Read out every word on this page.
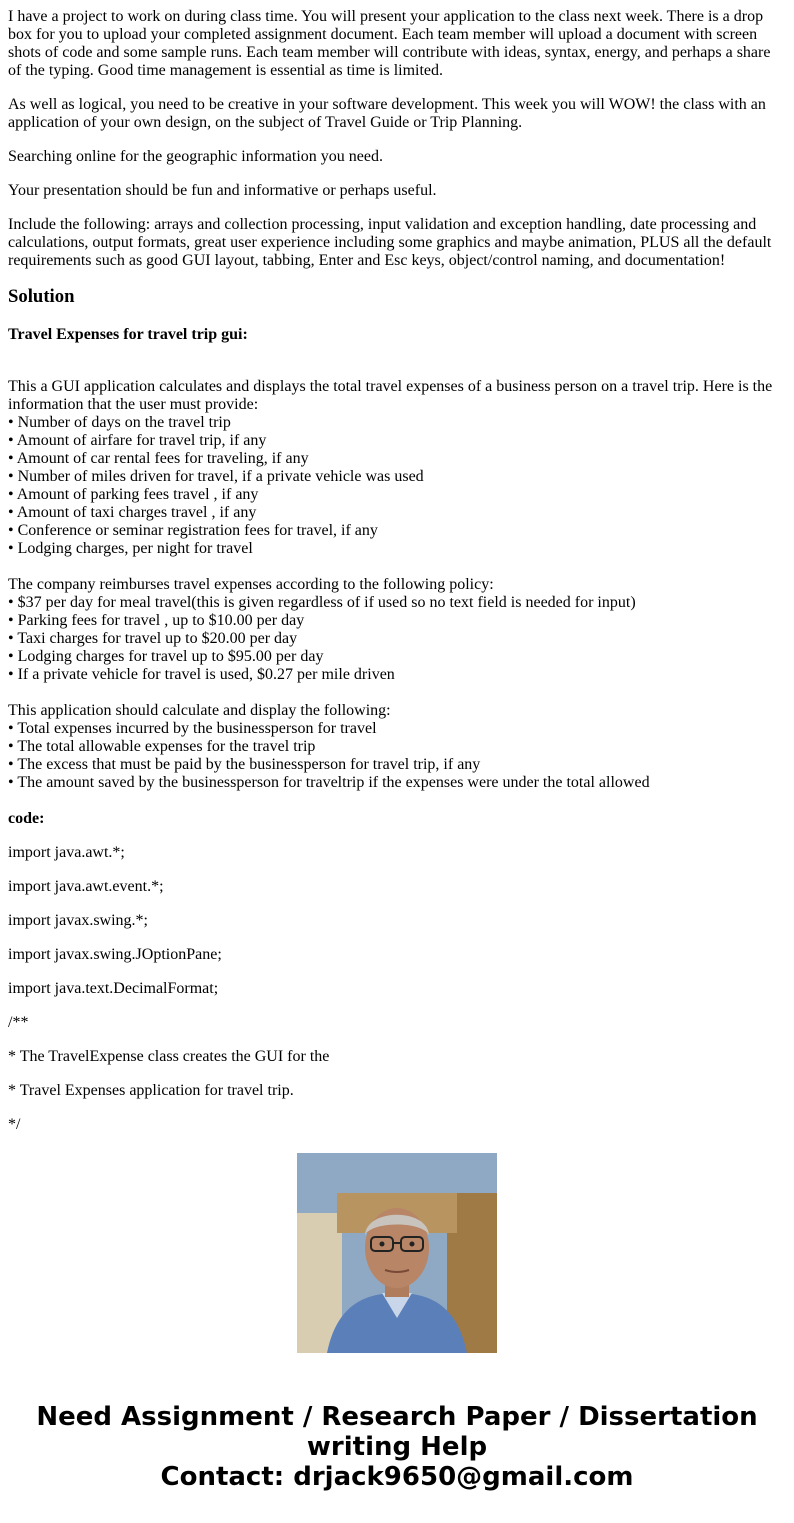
I have a project to work on during class time. You will present your application to the class next week. There is a drop box for you to upload your completed assignment document. Each team member will upload a document with screen shots of code and some sample runs. Each team member will contribute with ideas, syntax, energy, and perhaps a share of the typing. Good time management is essential as time is limited.

As well as logical, you need to be creative in your software development. This week you will WOW! the class with an application of your own design, on the subject of Travel Guide or Trip Planning.

Searching online for the geographic information you need.

Your presentation should be fun and informative or perhaps useful.

Include the following: arrays and collection processing, input validation and exception handling, date processing and calculations, output formats, great user experience including some graphics and maybe animation, PLUS all the default requirements such as good GUI layout, tabbing, Enter and Esc keys, object/control naming, and documentation!

Solution

Travel Expenses for travel trip gui:

This a GUI application calculates and displays the total travel expenses of a business person on a travel trip. Here is the information that the user must provide:
• Number of days on the travel trip
• Amount of airfare for travel trip, if any
• Amount of car rental fees for traveling, if any
• Number of miles driven for travel, if a private vehicle was used
• Amount of parking fees travel , if any
• Amount of taxi charges travel , if any
• Conference or seminar registration fees for travel, if any
• Lodging charges, per night for travel
The company reimburses travel expenses according to the following policy:
• $37 per day for meal travel(this is given regardless of if used so no text field is needed for input)
• Parking fees for travel , up to $10.00 per day
• Taxi charges for travel up to $20.00 per day
• Lodging charges for travel up to $95.00 per day
• If a private vehicle for travel is used, $0.27 per mile driven
This application should calculate and display the following:
• Total expenses incurred by the businessperson for travel
• The total allowable expenses for the travel trip
• The excess that must be paid by the businessperson for travel trip, if any
• The amount saved by the businessperson for traveltrip if the expenses were under the total allowed

code:

import java.awt.*;

import java.awt.event.*;

import javax.swing.*;

import javax.swing.JOptionPane;

import java.text.DecimalFormat;

/**

* The TravelExpense class creates the GUI for the

* Travel Expenses application for travel trip.

*/

Need Assignment / Research Paper / Dissertation
writing Help
Contact: drjack9650@gmail.com
